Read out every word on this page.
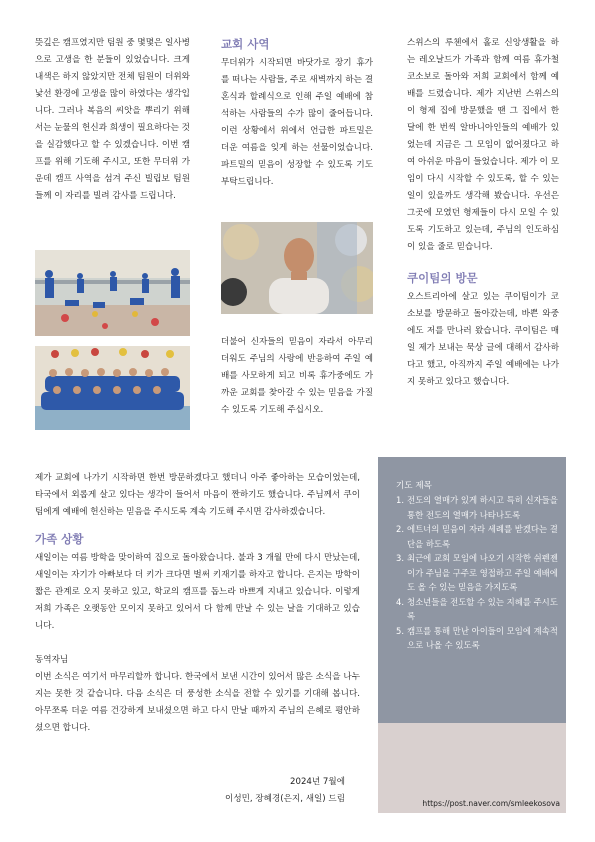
뜻깊은 캠프였지만 팀원 중 몇몇은 일사병으로 고생을 한 분들이 있었습니다. 크게 내색은 하지 않았지만 전체 팀원이 더위와 낯선 환경에 고생을 많이 하였다는 생각입니다. 그러나 복음의 씨앗을 뿌리기 위해서는 눈물의 헌신과 희생이 필요하다는 것을 실감했다고 할 수 있겠습니다. 이번 캠프를 위해 기도해 주시고, 또한 무더위 가운데 캠프 사역을 섬겨 주신 빌립보 팀원들께 이 자리를 빌려 감사를 드립니다.

교회 사역

무더위가 시작되면 바닷가로 장기 휴가를 떠나는 사람들, 주로 새벽까지 하는 결혼식과 할례식으로 인해 주일 예배에 참석하는 사람들의 수가 많이 줄어듭니다. 이런 상황에서 위에서 언급한 파트밀은 더운 여름을 잊게 하는 선물이었습니다. 파트밀의 믿음이 성장할 수 있도록 기도 부탁드립니다.

더불어 신자들의 믿음이 자라서 아무리 더워도 주님의 사랑에 반응하여 주일 예배를 사모하게 되고 비록 휴가중에도 가까운 교회를 찾아갈 수 있는 믿음을 가질 수 있도록 기도해 주십시오.

스위스의 루첸에서 홀로 신앙생활을 하는 레오날드가 가족과 함께 여름 휴가철 코소보로 돌아와 저희 교회에서 함께 예배를 드렸습니다. 제가 지난번 스위스의 이 형제 집에 방문했을 땐 그 집에서 한 달에 한 번씩 알바니아인들의 예배가 있었는데 지금은 그 모임이 없어졌다고 하여 아쉬운 마음이 들었습니다. 제가 이 모임이 다시 시작할 수 있도록, 할 수 있는 일이 있을까도 생각해 봤습니다. 우선은 그곳에 모였던 형제들이 다시 모일 수 있도록 기도하고 있는데, 주님의 인도하심이 있을 줄로 믿습니다.

쿠이팀의 방문

오스트리아에 살고 있는 쿠이팀이가 코소보를 방문하고 돌아갔는데, 바쁜 와중에도 저를 만나러 왔습니다. 쿠이팀은 매일 제가 보내는 묵상 글에 대해서 감사하다고 했고, 아직까지 주일 예배에는 나가지 못하고 있다고 했습니다.

제가 교회에 나가기 시작하면 한번 방문하겠다고 했더니 아주 좋아하는 모습이었는데, 타국에서 외롭게 살고 있다는 생각이 들어서 마음이 짠하기도 했습니다. 주님께서 쿠이팀에게 예배에 헌신하는 믿음을 주시도록 계속 기도해 주시면 감사하겠습니다.

가족 상황

새일이는 여름 방학을 맞이하여 집으로 돌아왔습니다. 불과 3 개월 만에 다시 만났는데, 새일이는 자기가 아빠보다 더 키가 크다면 벌써 키재기를 하자고 합니다. 은지는 방학이 짧은 관계로 오지 못하고 있고, 학교의 캠프를 돕느라 바쁘게 지내고 있습니다. 이렇게 저희 가족은 오랫동안 모이지 못하고 있어서 다 함께 만날 수 있는 날을 기대하고 있습니다.

동역자님

이번 소식은 여기서 마무리할까 합니다. 한국에서 보낸 시간이 있어서 많은 소식을 나누지는 못한 것 같습니다. 다음 소식은 더 풍성한 소식을 전할 수 있기를 기대해 봅니다. 아무쪼록 더운 여름 건강하게 보내셨으면 하고 다시 만날 때까지 주님의 은혜로 평안하셨으면 합니다.

2024년 7월에
이성민, 장혜경(은지, 새일) 드림
기도 제목
1. 전도의 열매가 있게 하시고 특히 신자들을 통한 전도의 열매가 나타나도록
2. 에트너의 믿음이 자라 세례를 받겠다는 결단을 하도록
3. 최근에 교회 모임에 나오기 시작한 쉬펜졘이가 주님을 구주로 영접하고 주일 예배에도 올 수 있는 믿음을 가지도록
4. 청소년들을 전도할 수 있는 지혜를 주시도록
5. 캠프를 통해 만난 아이들이 모임에 계속적으로 나올 수 있도록
https://post.naver.com/smleekosova
